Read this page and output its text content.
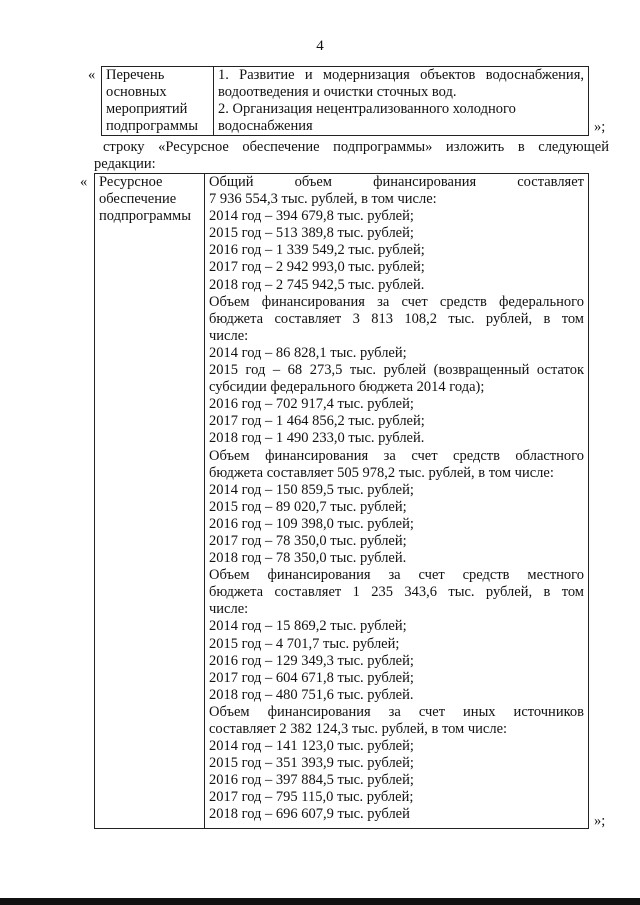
4
« Перечень
основных
мероприятий
подпрограммы

1. Развитие и модернизация объектов водоснабжения,
водоотведения и очистки сточных вод.
2. Организация нецентрализованного холодного
водоснабжения	»;
строку «Ресурсное обеспечение подпрограммы» изложить в следующей
редакции:
« Ресурсное
обеспечение
подпрограммы

Общий объем финансирования составляет
7 936 554,3 тыс. рублей, в том числе:
2014 год – 394 679,8 тыс. рублей;
2015 год – 513 389,8 тыс. рублей;
2016 год – 1 339 549,2 тыс. рублей;
2017 год – 2 942 993,0 тыс. рублей;
2018 год – 2 745 942,5 тыс. рублей.
Объем финансирования за счет средств федерального
бюджета составляет 3 813 108,2 тыс. рублей, в том
числе:
2014 год – 86 828,1 тыс. рублей;
2015 год – 68 273,5 тыс. рублей (возвращенный остаток
субсидии федерального бюджета 2014 года);
2016 год – 702 917,4 тыс. рублей;
2017 год – 1 464 856,2 тыс. рублей;
2018 год – 1 490 233,0 тыс. рублей.
Объем финансирования за счет средств областного
бюджета составляет 505 978,2 тыс. рублей, в том числе:
2014 год – 150 859,5 тыс. рублей;
2015 год – 89 020,7 тыс. рублей;
2016 год – 109 398,0 тыс. рублей;
2017 год – 78 350,0 тыс. рублей;
2018 год – 78 350,0 тыс. рублей.
Объем финансирования за счет средств местного
бюджета составляет 1 235 343,6 тыс. рублей, в том
числе:
2014 год – 15 869,2 тыс. рублей;
2015 год – 4 701,7 тыс. рублей;
2016 год – 129 349,3 тыс. рублей;
2017 год – 604 671,8 тыс. рублей;
2018 год – 480 751,6 тыс. рублей.
Объем финансирования за счет иных источников
составляет 2 382 124,3 тыс. рублей, в том числе:
2014 год – 141 123,0 тыс. рублей;
2015 год – 351 393,9 тыс. рублей;
2016 год – 397 884,5 тыс. рублей;
2017 год – 795 115,0 тыс. рублей;
2018 год – 696 607,9 тыс. рублей	»;
